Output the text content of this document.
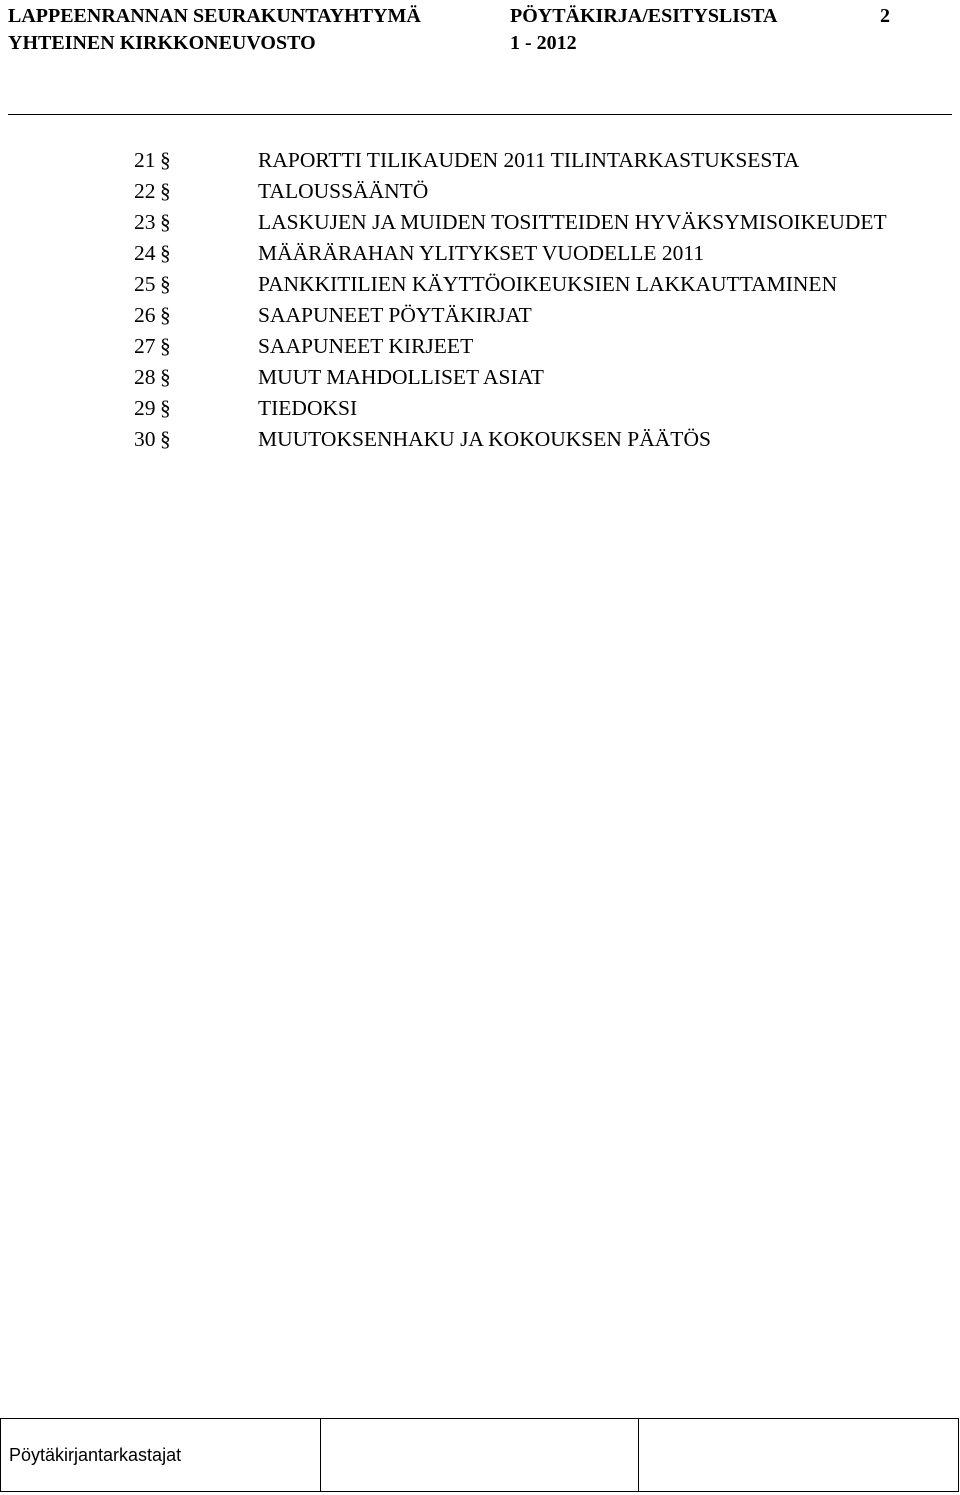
LAPPEENRANNAN SEURAKUNTAYHTYMÄ	PÖYTÄKIRJA/ESITYSLISTA	2
YHTEINEN KIRKKONEUVOSTO	1 - 2012
21 §	RAPORTTI TILIKAUDEN 2011 TILINTARKASTUKSESTA
22 §	TALOUSSÄÄNTÖ
23 §	LASKUJEN JA MUIDEN TOSITTEIDEN HYVÄKSYMISOIKEUDET
24 §	MÄÄRÄRAHAN YLITYKSET VUODELLE 2011
25 §	PANKKITILIEN KÄYTTÖOIKEUKSIEN LAKKAUTTAMINEN
26 §	SAAPUNEET PÖYTÄKIRJAT
27 §	SAAPUNEET KIRJEET
28 §	MUUT MAHDOLLISET ASIAT
29 §	TIEDOKSI
30 §	MUUTOKSENHAKU JA KOKOUKSEN PÄÄTÖS
Pöytäkirjantarkastajat		
